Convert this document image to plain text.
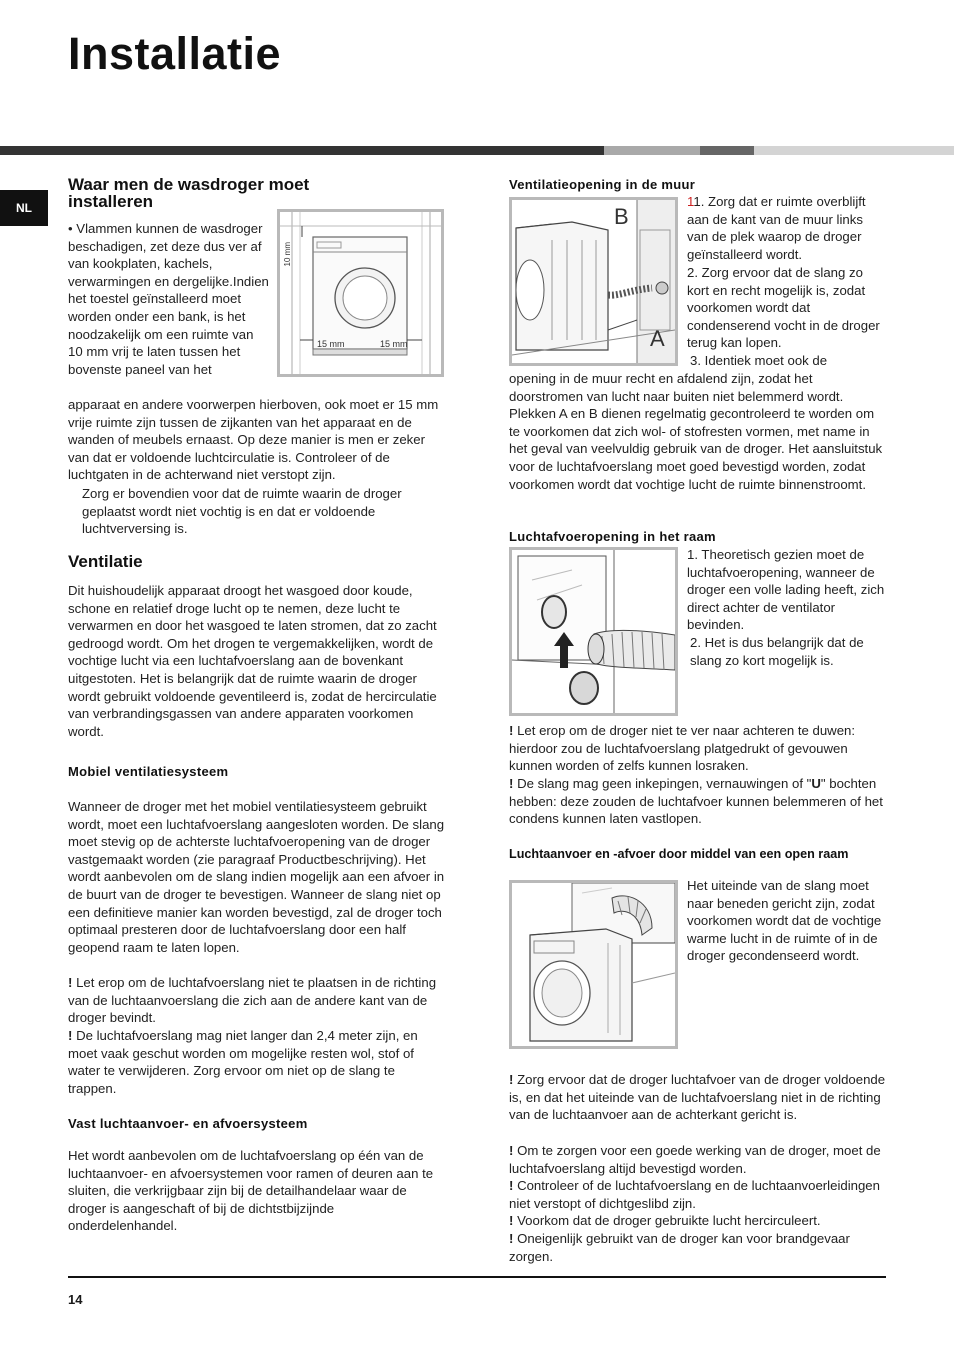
Installatie
NL
Waar men de wasdroger moet
installeren

• Vlammen kunnen de wasdroger beschadigen, zet deze dus ver af van kookplaten, kachels, verwarmingen en dergelijke.Indien het toestel geïnstalleerd moet worden onder een bank, is het noodzakelijk om een ruimte van 10 mm vrij te laten tussen het bovenste paneel van het

10 mm
15 mm	15 mm

apparaat en andere voorwerpen hierboven, ook moet er 15 mm vrije ruimte zijn tussen de zijkanten van het apparaat en de wanden of meubels ernaast. Op deze manier is men er zeker van dat er voldoende luchtcirculatie is. Controleer of de luchtgaten in de achterwand niet verstopt zijn.

Zorg er bovendien voor dat de ruimte waarin de droger geplaatst wordt niet vochtig is en dat er voldoende luchtverversing is.

Ventilatie

Dit huishoudelijk apparaat droogt het wasgoed door koude, schone en relatief droge lucht op te nemen, deze lucht te verwarmen en door het wasgoed te laten stromen, dat zo zacht gedroogd wordt. Om het drogen te vergemakkelijken, wordt de vochtige lucht via een luchtafvoerslang aan de bovenkant uitgestoten. Het is belangrijk dat de ruimte waarin de droger wordt gebruikt voldoende geventileerd is, zodat de hercirculatie van verbrandingsgassen van andere apparaten voorkomen wordt.

Mobiel ventilatiesysteem

Wanneer de droger met het mobiel ventilatiesysteem gebruikt wordt, moet een luchtafvoerslang aangesloten worden. De slang moet stevig op de achterste luchtafvoeropening van de droger vastgemaakt worden (zie paragraaf Productbeschrijving). Het wordt aanbevolen om de slang indien mogelijk aan een afvoer in de buurt van de droger te bevestigen. Wanneer de slang niet op een definitieve manier kan worden bevestigd, zal de droger toch optimaal presteren door de luchtafvoerslang door een half geopend raam te laten lopen.

! Let erop om de luchtafvoerslang niet te plaatsen in de richting van de luchtaanvoerslang die zich aan de andere kant van de droger bevindt.

! De luchtafvoerslang mag niet langer dan 2,4 meter zijn, en moet vaak geschut worden om mogelijke resten wol, stof of water te verwijderen. Zorg ervoor om niet op de slang te trappen.

Vast luchtaanvoer- en afvoersysteem

Het wordt aanbevolen om de luchtafvoerslang op één van de luchtaanvoer- en afvoersystemen voor ramen of deuren aan te sluiten, die verkrijgbaar zijn bij de detailhandelaar waar de droger is aangeschaft of bij de dichtstbijzijnde onderdelenhandel.

Ventilatieopening in de muur
B
A

11. Zorg dat er ruimte overblijft aan de kant van de muur links van de plek waarop de droger geïnstalleerd wordt.

2. Zorg ervoor dat de slang zo kort en recht mogelijk is, zodat voorkomen wordt dat condenserend vocht in de droger terug kan lopen.

3. Identiek moet ook de

opening in de muur recht en afdalend zijn, zodat het doorstromen van lucht naar buiten niet belemmerd wordt. Plekken A en B dienen regelmatig gecontroleerd te worden om te voorkomen dat zich wol- of stofresten vormen, met name in het geval van veelvuldig gebruik van de droger. Het aansluitstuk voor de luchtafvoerslang moet goed bevestigd worden, zodat voorkomen wordt dat vochtige lucht de ruimte binnenstroomt.

Luchtafvoeropening in het raam

1. Theoretisch gezien moet de luchtafvoeropening, wanneer de droger een volle lading heeft, zich direct achter de ventilator bevinden.

2. Het is dus belangrijk dat de slang zo kort mogelijk is.

! Let erop om de droger niet te ver naar achteren te duwen: hierdoor zou de luchtafvoerslang platgedrukt of gevouwen kunnen worden of zelfs kunnen losraken.

! De slang mag geen inkepingen, vernauwingen of "U" bochten hebben: deze zouden de luchtafvoer kunnen belemmeren of het condens kunnen laten vastlopen.

Luchtaanvoer en -afvoer door middel van een open raam

Het uiteinde van de slang moet naar beneden gericht zijn, zodat voorkomen wordt dat de vochtige warme lucht in de ruimte of in de droger gecondenseerd wordt.

! Zorg ervoor dat de droger luchtafvoer van de droger voldoende is, en dat het uiteinde van de luchtafvoerslang niet in de richting van de luchtaanvoer aan de achterkant gericht is.

! Om te zorgen voor een goede werking van de droger, moet de luchtafvoerslang altijd bevestigd worden.

! Controleer of de luchtafvoerslang en de luchtaanvoerleidingen niet verstopt of dichtgeslibd zijn.

! Voorkom dat de droger gebruikte lucht hercirculeert.

! Oneigenlijk gebruikt van de droger kan voor brandgevaar zorgen.

14
